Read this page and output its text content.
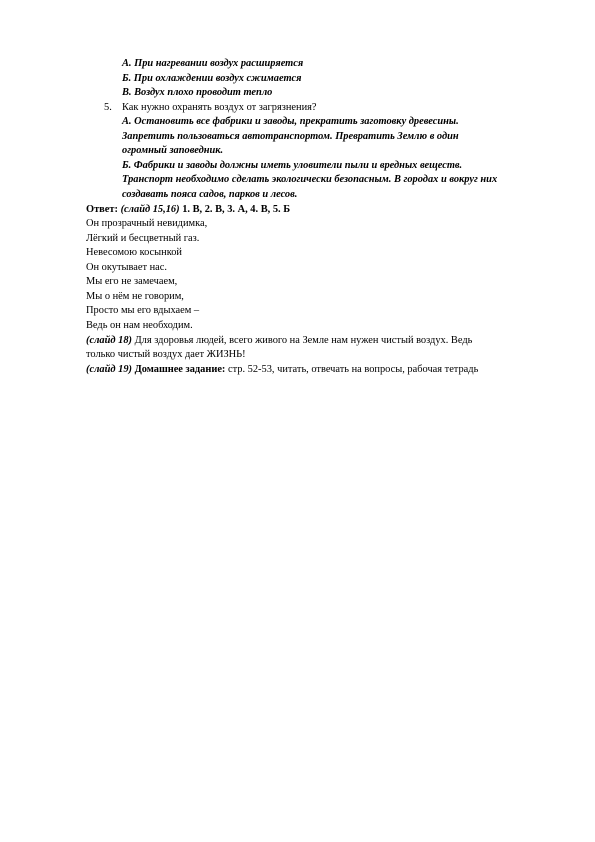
А. При нагревании воздух расширяется
Б. При охлаждении воздух сжимается
В. Воздух плохо проводит тепло
5. Как нужно охранять воздух от загрязнения?
А. Остановить все фабрики и заводы, прекратить заготовку древесины.
Запретить пользоваться автотранспортом. Превратить Землю в один
огромный заповедник.
Б. Фабрики и заводы должны иметь уловители пыли и вредных веществ.
Транспорт необходимо сделать экологически безопасным. В городах и вокруг них
создавать пояса садов, парков и лесов.
Ответ: (слайд 15,16) 1. В, 2. В, 3. А, 4. В, 5. Б
Он прозрачный невидимка,
Лёгкий и бесцветный газ.
Невесомою косынкой
Он окутывает нас.
Мы его не замечаем,
Мы о нём не говорим,
Просто мы его вдыхаем –
Ведь он нам необходим.
(слайд 18) Для здоровья людей, всего живого на Земле нам нужен чистый воздух. Ведь
только чистый воздух дает ЖИЗНЬ!
(слайд 19) Домашнее задание: стр. 52-53, читать, отвечать на вопросы, рабочая тетрадь
